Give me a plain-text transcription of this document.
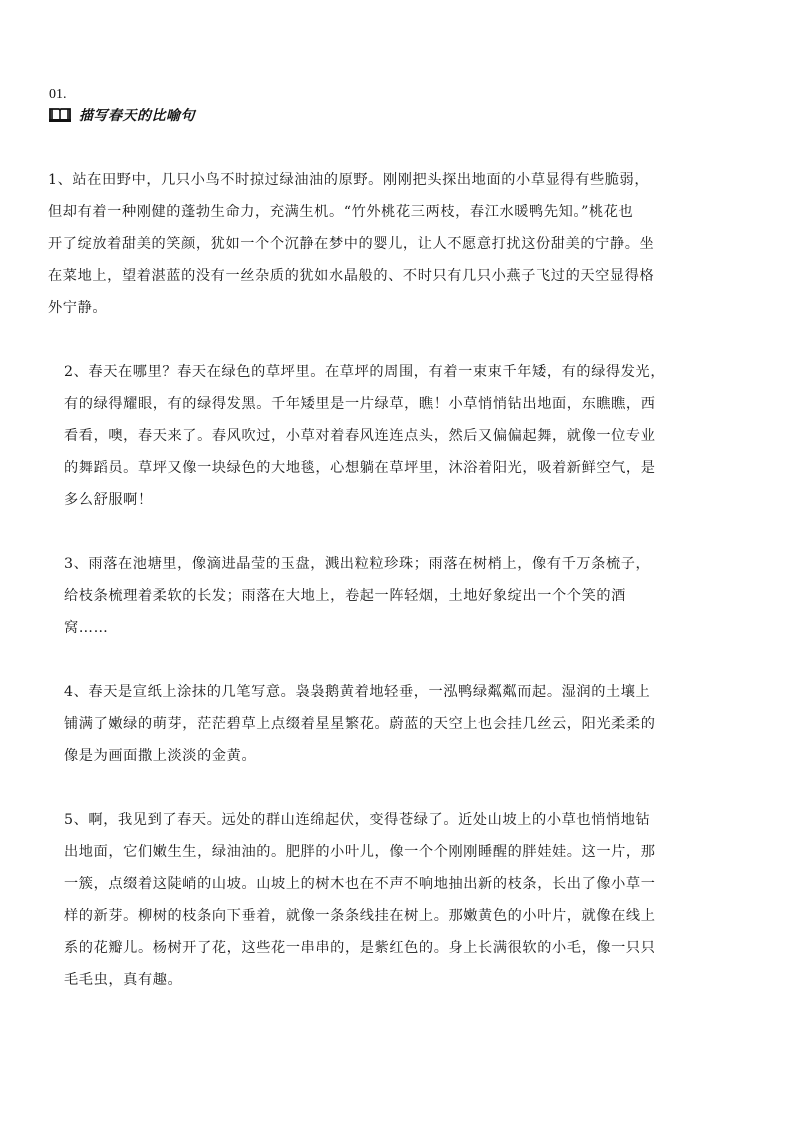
01.
描写春天的比喻句
1、站在田野中，几只小鸟不时掠过绿油油的原野。刚刚把头探出地面的小草显得有些脆弱，
但却有着一种刚健的蓬勃生命力，充满生机。“竹外桃花三两枝，春江水暖鸭先知。”桃花也
开了绽放着甜美的笑颜，犹如一个个沉静在梦中的婴儿，让人不愿意打扰这份甜美的宁静。坐
在菜地上，望着湛蓝的没有一丝杂质的犹如水晶般的、不时只有几只小燕子飞过的天空显得格
外宁静。
2、春天在哪里？春天在绿色的草坪里。在草坪的周围，有着一束束千年矮，有的绿得发光，
有的绿得耀眼，有的绿得发黑。千年矮里是一片绿草，瞧！小草悄悄钻出地面，东瞧瞧，西
看看，噢，春天来了。春风吹过，小草对着春风连连点头，然后又偏偏起舞，就像一位专业
的舞蹈员。草坪又像一块绿色的大地毯，心想躺在草坪里，沐浴着阳光，吸着新鲜空气，是
多么舒服啊！
3、雨落在池塘里，像滴进晶莹的玉盘，溅出粒粒珍珠；雨落在树梢上，像有千万条梳子，
给枝条梳理着柔软的长发；雨落在大地上，卷起一阵轻烟，土地好象绽出一个个笑的酒
窝……
4、春天是宣纸上涂抹的几笔写意。袅袅鹅黄着地轻垂，一泓鸭绿粼粼而起。湿润的土壤上
铺满了嫩绿的萌芽，茫茫碧草上点缀着星星繁花。蔚蓝的天空上也会挂几丝云，阳光柔柔的
像是为画面撒上淡淡的金黄。
5、啊，我见到了春天。远处的群山连绵起伏，变得苍绿了。近处山坡上的小草也悄悄地钻
出地面，它们嫩生生，绿油油的。肥胖的小叶儿，像一个个刚刚睡醒的胖娃娃。这一片，那
一簇，点缀着这陡峭的山坡。山坡上的树木也在不声不响地抽出新的枝条，长出了像小草一
样的新芽。柳树的枝条向下垂着，就像一条条线挂在树上。那嫩黄色的小叶片，就像在线上
系的花瓣儿。杨树开了花，这些花一串串的，是紫红色的。身上长满很软的小毛，像一只只
毛毛虫，真有趣。
